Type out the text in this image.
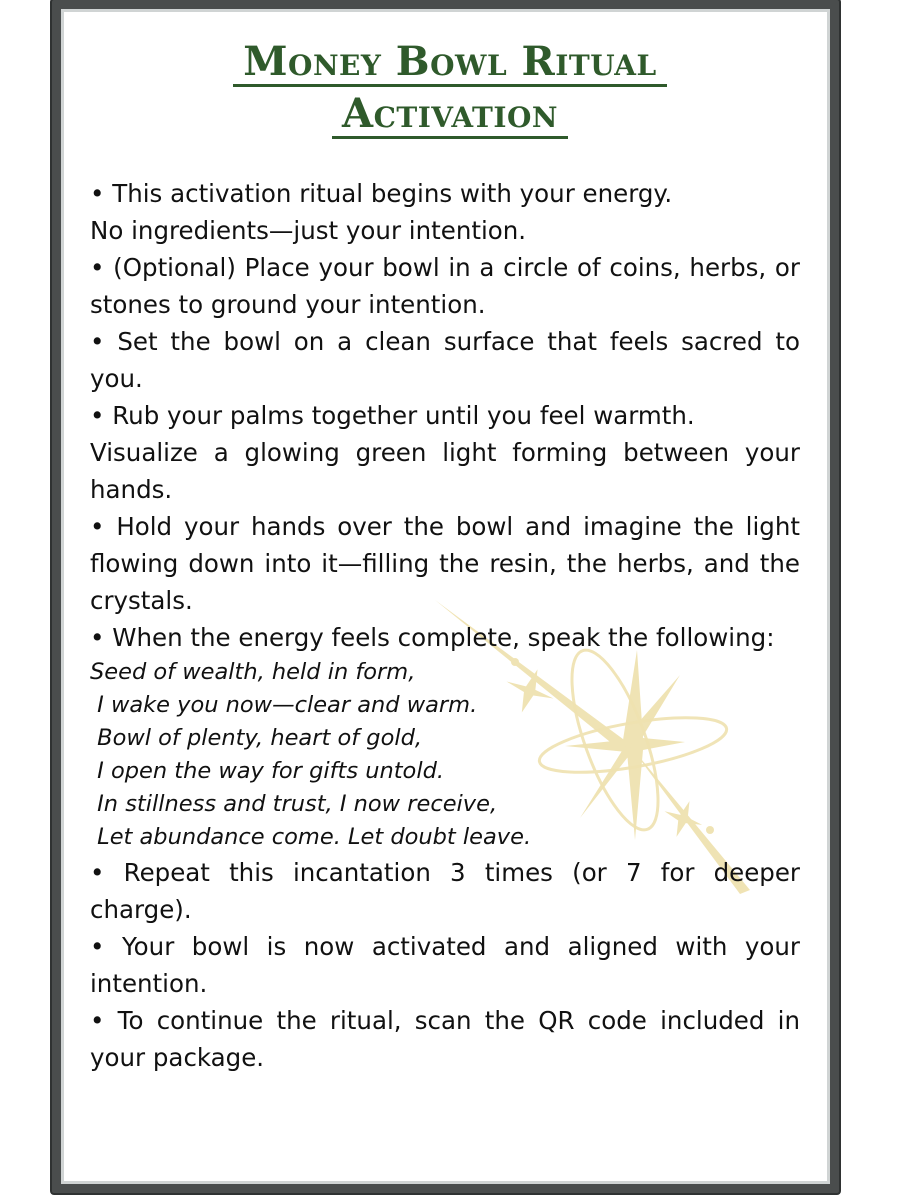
Money Bowl Ritual
Activation

• This activation ritual begins with your energy.

No ingredients—just your intention.

• (Optional) Place your bowl in a circle of coins, herbs, or stones to ground your intention.

• Set the bowl on a clean surface that feels sacred to you.

• Rub your palms together until you feel warmth.

Visualize a glowing green light forming between your hands.

• Hold your hands over the bowl and imagine the light flowing down into it—filling the resin, the herbs, and the crystals.

• When the energy feels complete, speak the following:

Seed of wealth, held in form,
I wake you now—clear and warm.
Bowl of plenty, heart of gold,
I open the way for gifts untold.
In stillness and trust, I now receive,
Let abundance come. Let doubt leave.

• Repeat this incantation 3 times (or 7 for deeper charge).

• Your bowl is now activated and aligned with your intention.

• To continue the ritual, scan the QR code included in your package.
